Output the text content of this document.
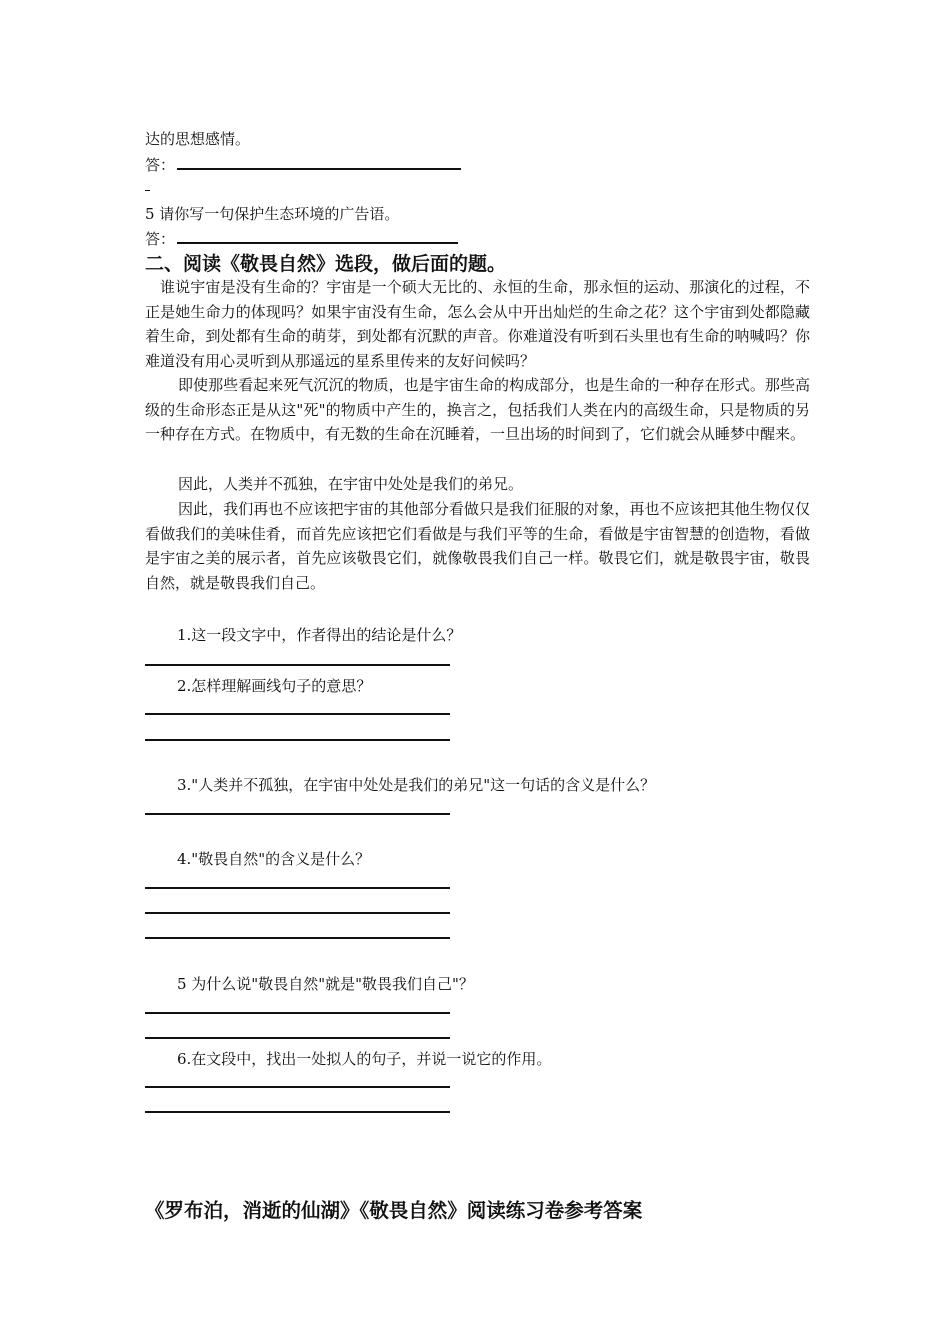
达的思想感情。
答：
5 请你写一句保护生态环境的广告语。
答：
二、阅读《敬畏自然》选段，做后面的题。
谁说宇宙是没有生命的？宇宙是一个硕大无比的、永恒的生命，那永恒的运动、那演化的过程，不正是她生命力的体现吗？如果宇宙没有生命，怎么会从中开出灿烂的生命之花？这个宇宙到处都隐藏着生命，到处都有生命的萌芽，到处都有沉默的声音。你难道没有听到石头里也有生命的呐喊吗？你难道没有用心灵听到从那遥远的星系里传来的友好问候吗？
即使那些看起来死气沉沉的物质，也是宇宙生命的构成部分，也是生命的一种存在形式。那些高级的生命形态正是从这"死"的物质中产生的，换言之，包括我们人类在内的高级生命，只是物质的另一种存在方式。在物质中，有无数的生命在沉睡着，一旦出场的时间到了，它们就会从睡梦中醒来。
因此，人类并不孤独，在宇宙中处处是我们的弟兄。
因此，我们再也不应该把宇宙的其他部分看做只是我们征服的对象，再也不应该把其他生物仅仅看做我们的美味佳肴，而首先应该把它们看做是与我们平等的生命，看做是宇宙智慧的创造物，看做是宇宙之美的展示者，首先应该敬畏它们，就像敬畏我们自己一样。敬畏它们，就是敬畏宇宙，敬畏自然，就是敬畏我们自己。
1.这一段文字中，作者得出的结论是什么？
2.怎样理解画线句子的意思？
3."人类并不孤独，在宇宙中处处是我们的弟兄"这一句话的含义是什么？
4."敬畏自然"的含义是什么？
5 为什么说"敬畏自然"就是"敬畏我们自己"？
6.在文段中，找出一处拟人的句子，并说一说它的作用。
《罗布泊，消逝的仙湖》《敬畏自然》阅读练习卷参考答案
